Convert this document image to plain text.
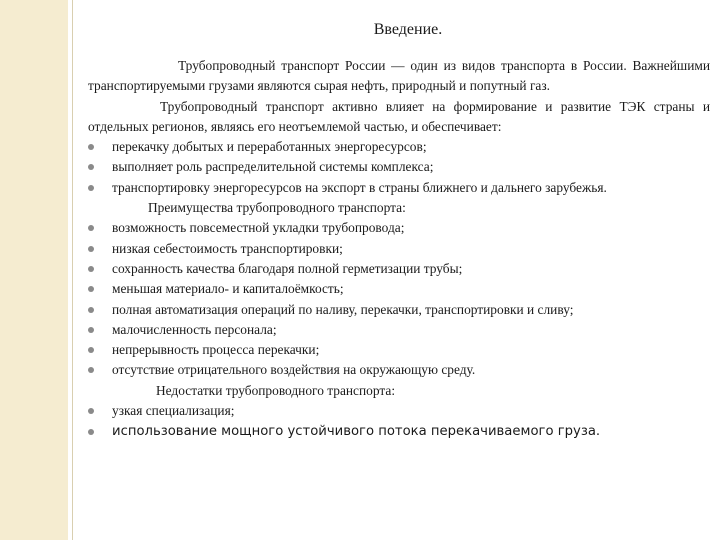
Введение.

Трубопроводный транспорт России — один из видов транспорта в России. Важнейшими транспортируемыми грузами являются сырая нефть, природный и попутный газ.

Трубопроводный транспорт активно влияет на формирование и развитие ТЭК страны и отдельных регионов, являясь его неотъемлемой частью, и обеспечивает:

перекачку добытых и переработанных энергоресурсов;
выполняет роль распределительной системы комплекса;
транспортировку энергоресурсов на экспорт в страны ближнего и дальнего зарубежья.

Преимущества трубопроводного транспорта:

возможность повсеместной укладки трубопровода;
низкая себестоимость транспортировки;
сохранность качества благодаря полной герметизации трубы;
меньшая материало- и капиталоёмкость;
полная автоматизация операций по наливу, перекачки, транспортировки и сливу;
малочисленность персонала;
непрерывность процесса перекачки;
отсутствие отрицательного воздействия на окружающую среду.

Недостатки трубопроводного транспорта:

узкая специализация;
использование мощного устойчивого потока перекачиваемого груза.
